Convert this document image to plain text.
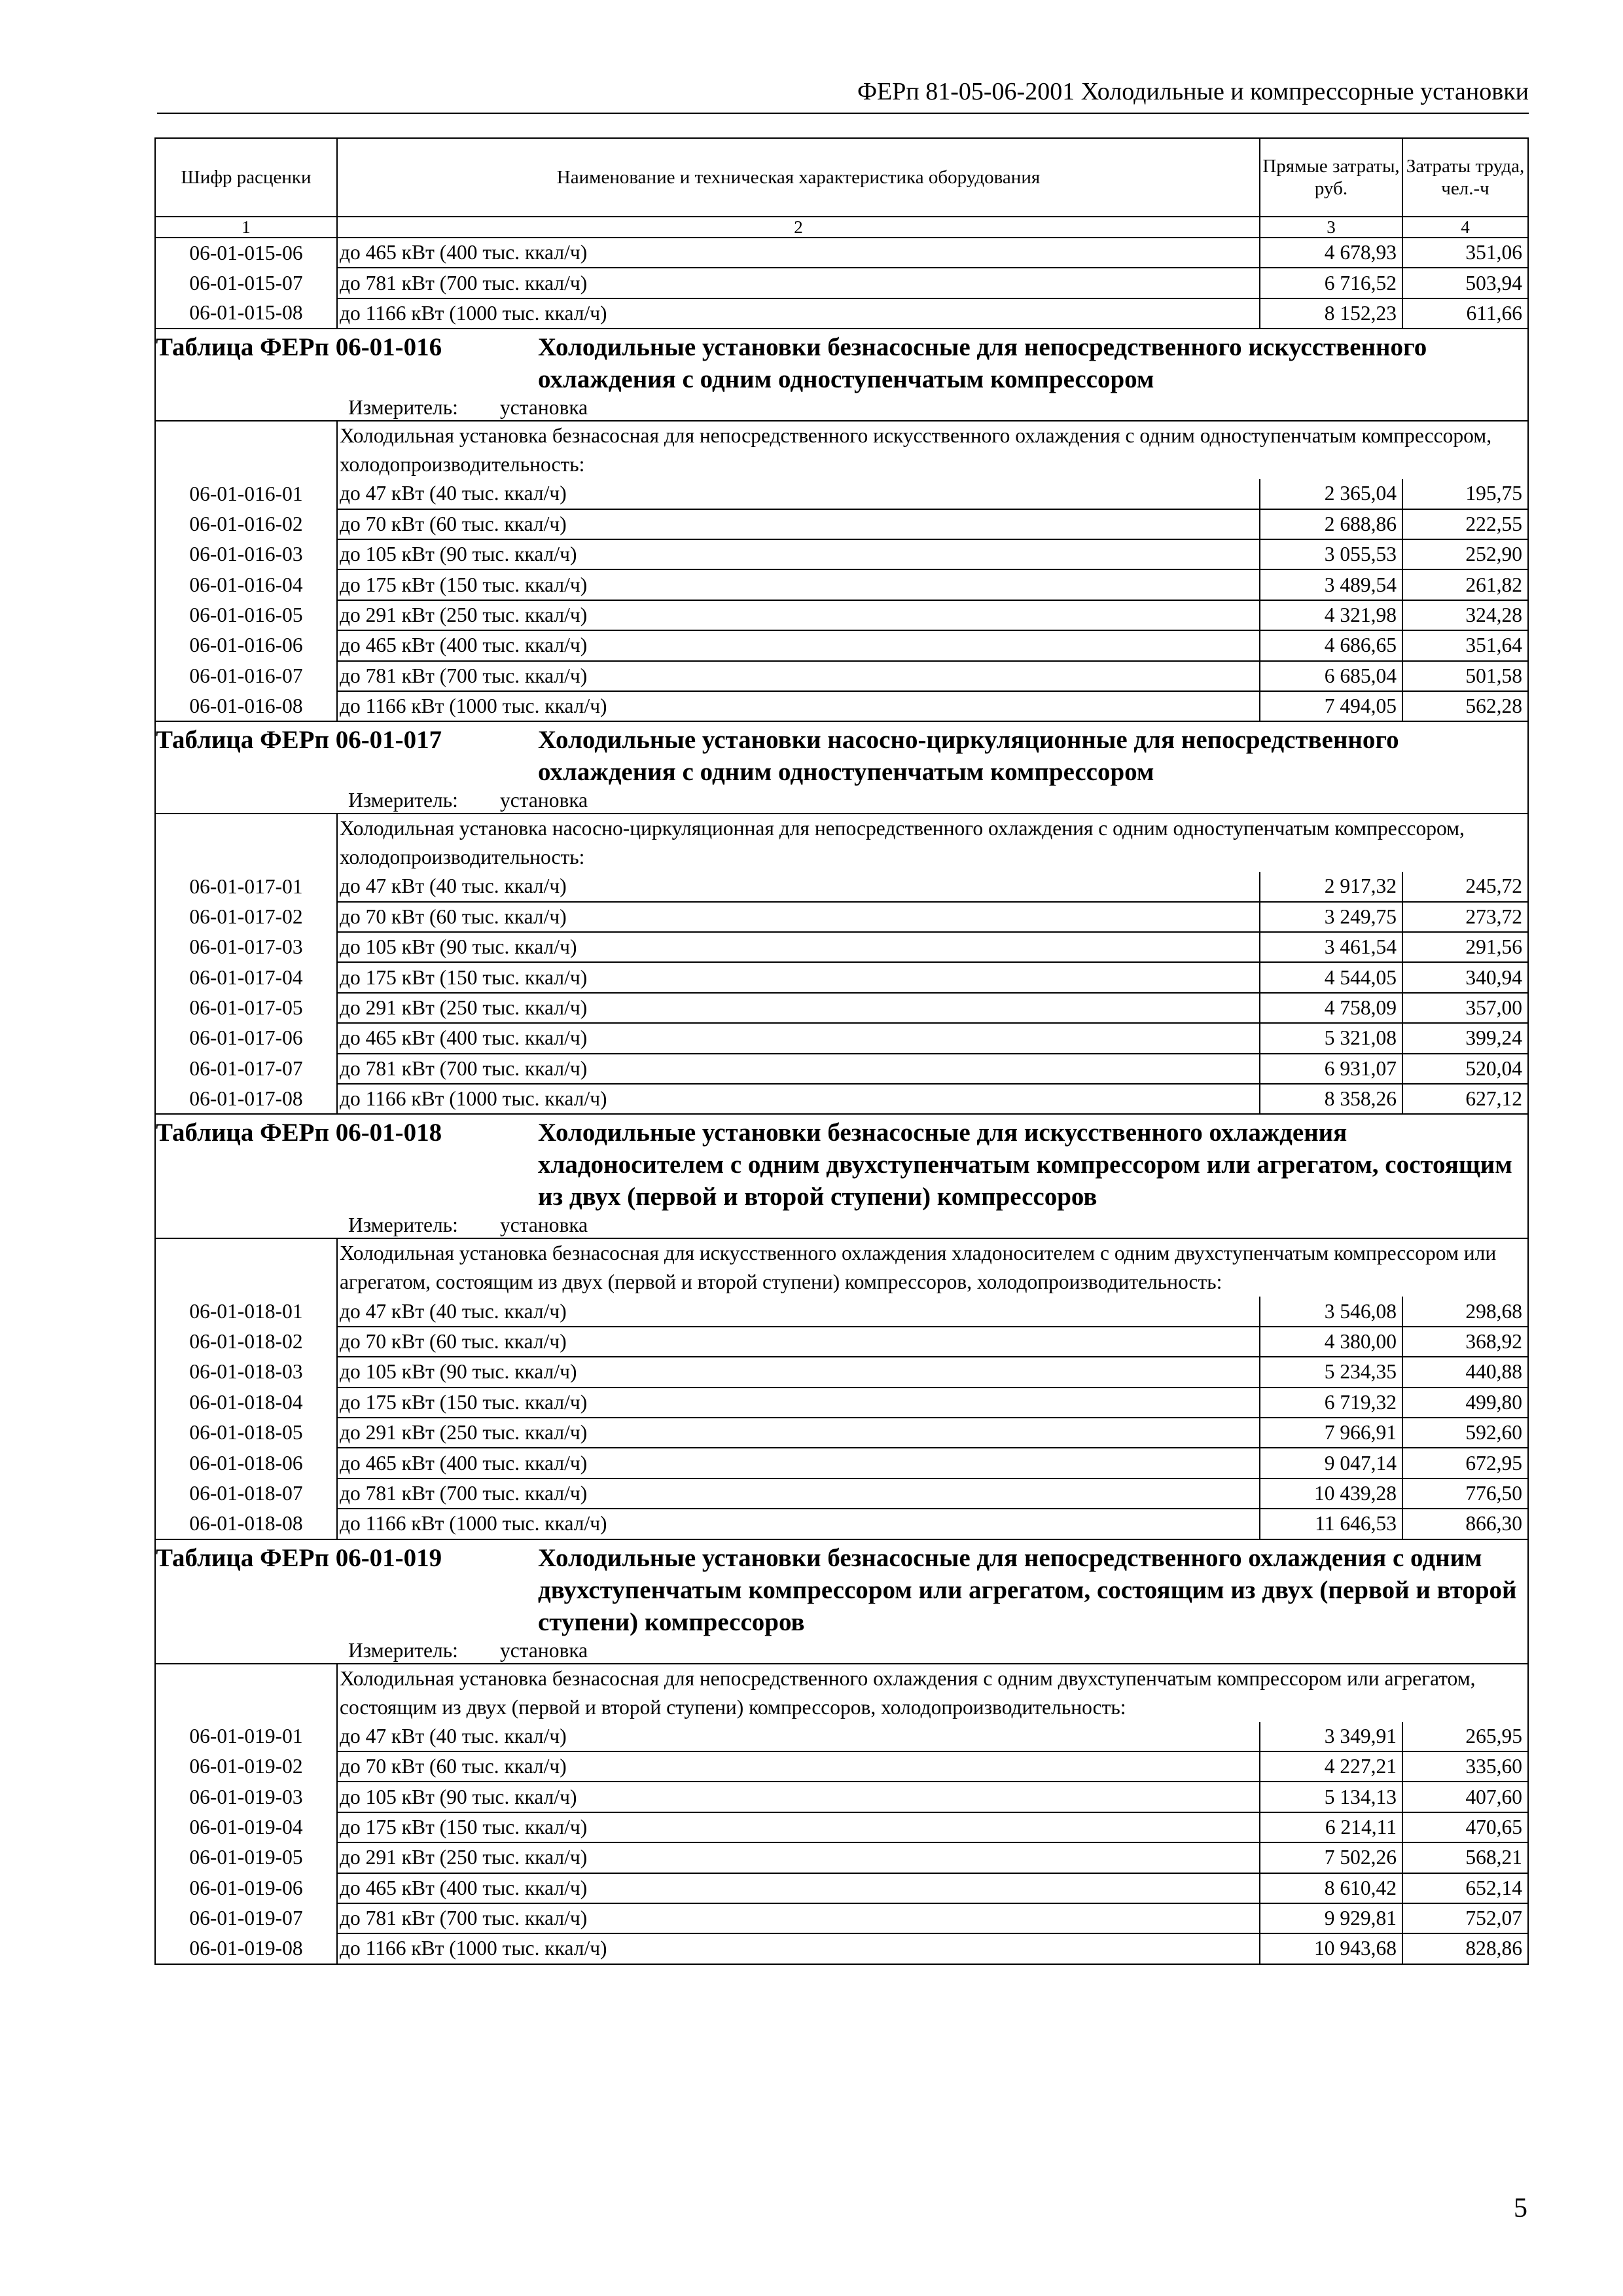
ФЕРп 81-05-06-2001 Холодильные и компрессорные установки
Шифр расценки	Наименование и техническая характеристика оборудования	Прямые затраты, руб.	Затраты труда, чел.-ч
1	2	3	4
06-01-015-06	до 465 кВт (400 тыс. ккал/ч)	4 678,93	351,06
06-01-015-07	до 781 кВт (700 тыс. ккал/ч)	6 716,52	503,94
06-01-015-08	до 1166 кВт (1000 тыс. ккал/ч)	8 152,23	611,66

Таблица ФЕРп 06-01-016 Холодильные установки безнасосные для непосредственного искусственного охлаждения с одним одноступенчатым компрессором			

Измеритель: установка			
	Холодильная установка безнасосная для непосредственного искусственного охлаждения с одним одноступенчатым компрессором, холодопроизводительность:		
06-01-016-01	до 47 кВт (40 тыс. ккал/ч)	2 365,04	195,75
06-01-016-02	до 70 кВт (60 тыс. ккал/ч)	2 688,86	222,55
06-01-016-03	до 105 кВт (90 тыс. ккал/ч)	3 055,53	252,90
06-01-016-04	до 175 кВт (150 тыс. ккал/ч)	3 489,54	261,82
06-01-016-05	до 291 кВт (250 тыс. ккал/ч)	4 321,98	324,28
06-01-016-06	до 465 кВт (400 тыс. ккал/ч)	4 686,65	351,64
06-01-016-07	до 781 кВт (700 тыс. ккал/ч)	6 685,04	501,58
06-01-016-08	до 1166 кВт (1000 тыс. ккал/ч)	7 494,05	562,28

Таблица ФЕРп 06-01-017 Холодильные установки насосно-циркуляционные для непосредственного охлаждения с одним одноступенчатым компрессором			

Измеритель: установка			
	Холодильная установка насосно-циркуляционная для непосредственного охлаждения с одним одноступенчатым компрессором, холодопроизводительность:		
06-01-017-01	до 47 кВт (40 тыс. ккал/ч)	2 917,32	245,72
06-01-017-02	до 70 кВт (60 тыс. ккал/ч)	3 249,75	273,72
06-01-017-03	до 105 кВт (90 тыс. ккал/ч)	3 461,54	291,56
06-01-017-04	до 175 кВт (150 тыс. ккал/ч)	4 544,05	340,94
06-01-017-05	до 291 кВт (250 тыс. ккал/ч)	4 758,09	357,00
06-01-017-06	до 465 кВт (400 тыс. ккал/ч)	5 321,08	399,24
06-01-017-07	до 781 кВт (700 тыс. ккал/ч)	6 931,07	520,04
06-01-017-08	до 1166 кВт (1000 тыс. ккал/ч)	8 358,26	627,12

Таблица ФЕРп 06-01-018 Холодильные установки безнасосные для искусственного охлаждения хладоносителем с одним двухступенчатым компрессором или агрегатом, состоящим из двух (первой и второй ступени) компрессоров			

Измеритель: установка			
	Холодильная установка безнасосная для искусственного охлаждения хладоносителем с одним двухступенчатым компрессором или агрегатом, состоящим из двух (первой и второй ступени) компрессоров, холодопроизводительность:		
06-01-018-01	до 47 кВт (40 тыс. ккал/ч)	3 546,08	298,68
06-01-018-02	до 70 кВт (60 тыс. ккал/ч)	4 380,00	368,92
06-01-018-03	до 105 кВт (90 тыс. ккал/ч)	5 234,35	440,88
06-01-018-04	до 175 кВт (150 тыс. ккал/ч)	6 719,32	499,80
06-01-018-05	до 291 кВт (250 тыс. ккал/ч)	7 966,91	592,60
06-01-018-06	до 465 кВт (400 тыс. ккал/ч)	9 047,14	672,95
06-01-018-07	до 781 кВт (700 тыс. ккал/ч)	10 439,28	776,50
06-01-018-08	до 1166 кВт (1000 тыс. ккал/ч)	11 646,53	866,30

Таблица ФЕРп 06-01-019 Холодильные установки безнасосные для непосредственного охлаждения с одним двухступенчатым компрессором или агрегатом, состоящим из двух (первой и второй ступени) компрессоров			

Измеритель: установка			
	Холодильная установка безнасосная для непосредственного охлаждения с одним двухступенчатым компрессором или агрегатом, состоящим из двух (первой и второй ступени) компрессоров, холодопроизводительность:		
06-01-019-01	до 47 кВт (40 тыс. ккал/ч)	3 349,91	265,95
06-01-019-02	до 70 кВт (60 тыс. ккал/ч)	4 227,21	335,60
06-01-019-03	до 105 кВт (90 тыс. ккал/ч)	5 134,13	407,60
06-01-019-04	до 175 кВт (150 тыс. ккал/ч)	6 214,11	470,65
06-01-019-05	до 291 кВт (250 тыс. ккал/ч)	7 502,26	568,21
06-01-019-06	до 465 кВт (400 тыс. ккал/ч)	8 610,42	652,14
06-01-019-07	до 781 кВт (700 тыс. ккал/ч)	9 929,81	752,07
06-01-019-08	до 1166 кВт (1000 тыс. ккал/ч)	10 943,68	828,86
5
